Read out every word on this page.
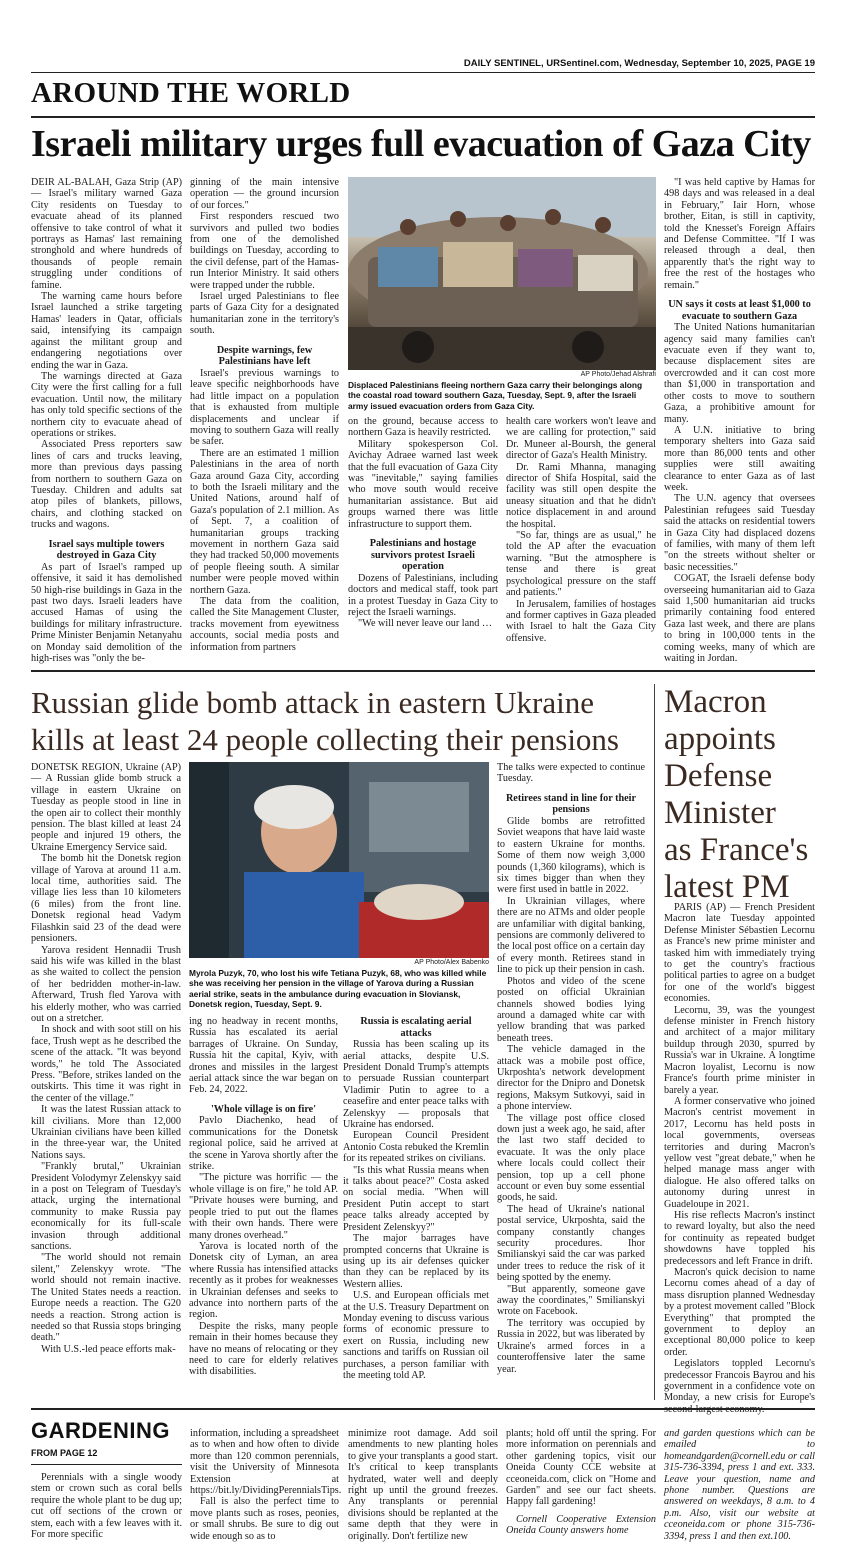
DAILY SENTINEL, URSentinel.com, Wednesday, September 10, 2025, PAGE 19
AROUND THE WORLD
Israeli military urges full evacuation of Gaza City

DEIR AL-BALAH, Gaza Strip (AP) — Israel's military warned Gaza City residents on Tuesday to evacuate ahead of its planned offensive to take control of what it portrays as Hamas' last remaining stronghold and where hundreds of thousands of people remain struggling under conditions of famine.

The warning came hours before Israel launched a strike targeting Hamas' leaders in Qatar, officials said, intensifying its campaign against the militant group and endangering negotiations over ending the war in Gaza.

The warnings directed at Gaza City were the first calling for a full evacuation. Until now, the military has only told specific sections of the northern city to evacuate ahead of operations or strikes.

Associated Press reporters saw lines of cars and trucks leaving, more than previous days passing from northern to southern Gaza on Tuesday. Children and adults sat atop piles of blankets, pillows, chairs, and clothing stacked on trucks and wagons.

Israel says multiple towers destroyed in Gaza City

As part of Israel's ramped up offensive, it said it has demolished 50 high-rise buildings in Gaza in the past two days. Israeli leaders have accused Hamas of using the buildings for military infrastructure. Prime Minister Benjamin Netanyahu on Monday said demolition of the high-rises was "only the be-

ginning of the main intensive operation — the ground incursion of our forces."

First responders rescued two survivors and pulled two bodies from one of the demolished buildings on Tuesday, according to the civil defense, part of the Hamas-run Interior Ministry. It said others were trapped under the rubble.

Israel urged Palestinians to flee parts of Gaza City for a designated humanitarian zone in the territory's south.

Despite warnings, few Palestinians have left

Israel's previous warnings to leave specific neighborhoods have had little impact on a population that is exhausted from multiple displacements and unclear if moving to southern Gaza will really be safer.

There are an estimated 1 million Palestinians in the area of north Gaza around Gaza City, according to both the Israeli military and the United Nations, around half of Gaza's population of 2.1 million. As of Sept. 7, a coalition of humanitarian groups tracking movement in northern Gaza said they had tracked 50,000 movements of people fleeing south. A similar number were people moved within northern Gaza.

The data from the coalition, called the Site Management Cluster, tracks movement from eyewitness accounts, social media posts and information from partners

AP Photo/Jehad Alshrafi
Displaced Palestinians fleeing northern Gaza carry their belongings along the coastal road toward southern Gaza, Tuesday, Sept. 9, after the Israeli army issued evacuation orders from Gaza City.

on the ground, because access to northern Gaza is heavily restricted.

Military spokesperson Col. Avichay Adraee warned last week that the full evacuation of Gaza City was "inevitable," saying families who move south would receive humanitarian assistance. But aid groups warned there was little infrastructure to support them.

Palestinians and hostage survivors protest Israeli operation

Dozens of Palestinians, including doctors and medical staff, took part in a protest Tuesday in Gaza City to reject the Israeli warnings.

"We will never leave our land …

health care workers won't leave and we are calling for protection," said Dr. Muneer al-Boursh, the general director of Gaza's Health Ministry.

Dr. Rami Mhanna, managing director of Shifa Hospital, said the facility was still open despite the uneasy situation and that he didn't notice displacement in and around the hospital.

"So far, things are as usual," he told the AP after the evacuation warning. "But the atmosphere is tense and there is great psychological pressure on the staff and patients."

In Jerusalem, families of hostages and former captives in Gaza pleaded with Israel to halt the Gaza City offensive.

"I was held captive by Hamas for 498 days and was released in a deal in February," Iair Horn, whose brother, Eitan, is still in captivity, told the Knesset's Foreign Affairs and Defense Committee. "If I was released through a deal, then apparently that's the right way to free the rest of the hostages who remain."

UN says it costs at least $1,000 to evacuate to southern Gaza

The United Nations humanitarian agency said many families can't evacuate even if they want to, because displacement sites are overcrowded and it can cost more than $1,000 in transportation and other costs to move to southern Gaza, a prohibitive amount for many.

A U.N. initiative to bring temporary shelters into Gaza said more than 86,000 tents and other supplies were still awaiting clearance to enter Gaza as of last week.

The U.N. agency that oversees Palestinian refugees said Tuesday said the attacks on residential towers in Gaza City had displaced dozens of families, with many of them left "on the streets without shelter or basic necessities."

COGAT, the Israeli defense body overseeing humanitarian aid to Gaza said 1,500 humanitarian aid trucks primarily containing food entered Gaza last week, and there are plans to bring in 100,000 tents in the coming weeks, many of which are waiting in Jordan.

Russian glide bomb attack in eastern Ukraine
kills at least 24 people collecting their pensions

DONETSK REGION, Ukraine (AP) — A Russian glide bomb struck a village in eastern Ukraine on Tuesday as people stood in line in the open air to collect their monthly pension. The blast killed at least 24 people and injured 19 others, the Ukraine Emergency Service said.

The bomb hit the Donetsk region village of Yarova at around 11 a.m. local time, authorities said. The village lies less than 10 kilometers (6 miles) from the front line. Donetsk regional head Vadym Filashkin said 23 of the dead were pensioners.

Yarova resident Hennadii Trush said his wife was killed in the blast as she waited to collect the pension of her bedridden mother-in-law. Afterward, Trush fled Yarova with his elderly mother, who was carried out on a stretcher.

In shock and with soot still on his face, Trush wept as he described the scene of the attack. "It was beyond words," he told The Associated Press. "Before, strikes landed on the outskirts. This time it was right in the center of the village."

It was the latest Russian attack to kill civilians. More than 12,000 Ukrainian civilians have been killed in the three-year war, the United Nations says.

"Frankly brutal," Ukrainian President Volodymyr Zelenskyy said in a post on Telegram of Tuesday's attack, urging the international community to make Russia pay economically for its full-scale invasion through additional sanctions.

"The world should not remain silent," Zelenskyy wrote. "The world should not remain inactive. The United States needs a reaction. Europe needs a reaction. The G20 needs a reaction. Strong action is needed so that Russia stops bringing death."

With U.S.-led peace efforts mak-

AP Photo/Alex Babenko
Myrola Puzyk, 70, who lost his wife Tetiana Puzyk, 68, who was killed while she was receiving her pension in the village of Yarova during a Russian aerial strike, seats in the ambulance during evacuation in Sloviansk, Donetsk region, Tuesday, Sept. 9.

ing no headway in recent months, Russia has escalated its aerial barrages of Ukraine. On Sunday, Russia hit the capital, Kyiv, with drones and missiles in the largest aerial attack since the war began on Feb. 24, 2022.

'Whole village is on fire'

Pavlo Diachenko, head of communications for the Donetsk regional police, said he arrived at the scene in Yarova shortly after the strike.

"The picture was horrific — the whole village is on fire," he told AP. "Private houses were burning, and people tried to put out the flames with their own hands. There were many drones overhead."

Yarova is located north of the Donetsk city of Lyman, an area where Russia has intensified attacks recently as it probes for weaknesses in Ukrainian defenses and seeks to advance into northern parts of the region.

Despite the risks, many people remain in their homes because they have no means of relocating or they need to care for elderly relatives with disabilities.

Russia is escalating aerial attacks

Russia has been scaling up its aerial attacks, despite U.S. President Donald Trump's attempts to persuade Russian counterpart Vladimir Putin to agree to a ceasefire and enter peace talks with Zelenskyy — proposals that Ukraine has endorsed.

European Council President Antonio Costa rebuked the Kremlin for its repeated strikes on civilians.

"Is this what Russia means when it talks about peace?" Costa asked on social media. "When will President Putin accept to start peace talks already accepted by President Zelenskyy?"

The major barrages have prompted concerns that Ukraine is using up its air defenses quicker than they can be replaced by its Western allies.

U.S. and European officials met at the U.S. Treasury Department on Monday evening to discuss various forms of economic pressure to exert on Russia, including new sanctions and tariffs on Russian oil purchases, a person familiar with the meeting told AP.

The talks were expected to continue Tuesday.

Retirees stand in line for their pensions

Glide bombs are retrofitted Soviet weapons that have laid waste to eastern Ukraine for months. Some of them now weigh 3,000 pounds (1,360 kilograms), which is six times bigger than when they were first used in battle in 2022.

In Ukrainian villages, where there are no ATMs and older people are unfamiliar with digital banking, pensions are commonly delivered to the local post office on a certain day of every month. Retirees stand in line to pick up their pension in cash.

Photos and video of the scene posted on official Ukrainian channels showed bodies lying around a damaged white car with yellow branding that was parked beneath trees.

The vehicle damaged in the attack was a mobile post office, Ukrposhta's network development director for the Dnipro and Donetsk regions, Maksym Sutkovyi, said in a phone interview.

The village post office closed down just a week ago, he said, after the last two staff decided to evacuate. It was the only place where locals could collect their pension, top up a cell phone account or even buy some essential goods, he said.

The head of Ukraine's national postal service, Ukrposhta, said the company constantly changes security procedures. Ihor Smilianskyi said the car was parked under trees to reduce the risk of it being spotted by the enemy.

"But apparently, someone gave away the coordinates," Smilianskyi wrote on Facebook.

The territory was occupied by Russia in 2022, but was liberated by Ukraine's armed forces in a counteroffensive later the same year.

Macron
appoints
Defense
Minister
as France's
latest PM

PARIS (AP) — French President Macron late Tuesday appointed Defense Minister Sébastien Lecornu as France's new prime minister and tasked him with immediately trying to get the country's fractious political parties to agree on a budget for one of the world's biggest economies.

Lecornu, 39, was the youngest defense minister in French history and architect of a major military buildup through 2030, spurred by Russia's war in Ukraine. A longtime Macron loyalist, Lecornu is now France's fourth prime minister in barely a year.

A former conservative who joined Macron's centrist movement in 2017, Lecornu has held posts in local governments, overseas territories and during Macron's yellow vest "great debate," when he helped manage mass anger with dialogue. He also offered talks on autonomy during unrest in Guadeloupe in 2021.

His rise reflects Macron's instinct to reward loyalty, but also the need for continuity as repeated budget showdowns have toppled his predecessors and left France in drift.

Macron's quick decision to name Lecornu comes ahead of a day of mass disruption planned Wednesday by a protest movement called "Block Everything" that prompted the government to deploy an exceptional 80,000 police to keep order.

Legislators toppled Lecornu's predecessor Francois Bayrou and his government in a confidence vote on Monday, a new crisis for Europe's

GARDENING
FROM PAGE 12

Perennials with a single woody stem or crown such as coral bells require the whole plant to be dug up; cut off sections of the crown or stem, each with a few leaves with it. For more specific

information, including a spreadsheet as to when and how often to divide more than 120 common perennials, visit the University of Minnesota Extension at https://bit.ly/DividingPerennialsTips.

Fall is also the perfect time to move plants such as roses, peonies, or small shrubs. Be sure to dig out wide enough so as to

minimize root damage. Add soil amendments to new planting holes to give your transplants a good start. It's critical to keep transplants hydrated, water well and deeply right up until the ground freezes. Any transplants or perennial divisions should be replanted at the same depth that they were in originally. Don't fertilize new

plants; hold off until the spring. For more information on perennials and other gardening topics, visit our Oneida County CCE website at cceoneida.com, click on "Home and Garden" and see our fact sheets. Happy fall gardening!

Cornell Cooperative Extension Oneida County answers home

and garden questions which can be emailed to homeandgarden@cornell.edu or call 315-736-3394, press 1 and ext. 333. Leave your question, name and phone number. Questions are answered on weekdays, 8 a.m. to 4 p.m. Also, visit our website at cceoneida.com or phone 315-736-3394, press 1 and then ext.100.
